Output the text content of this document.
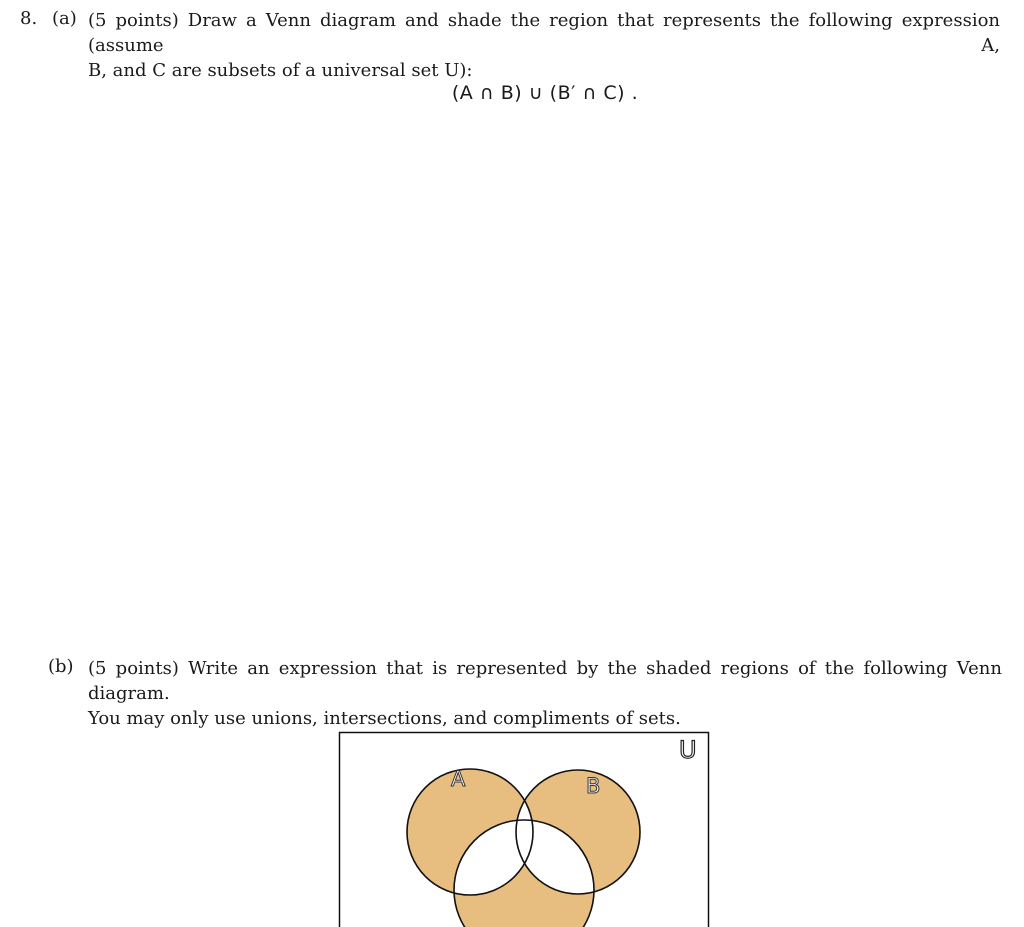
8. (a) (5 points) Draw a Venn diagram and shade the region that represents the following expression (assume A,
B, and C are subsets of a universal set U):
(A ∩ B) ∪ (B′ ∩ C) .
(b) (5 points) Write an expression that is represented by the shaded regions of the following Venn diagram.
You may only use unions, intersections, and compliments of sets.
A	B
U
